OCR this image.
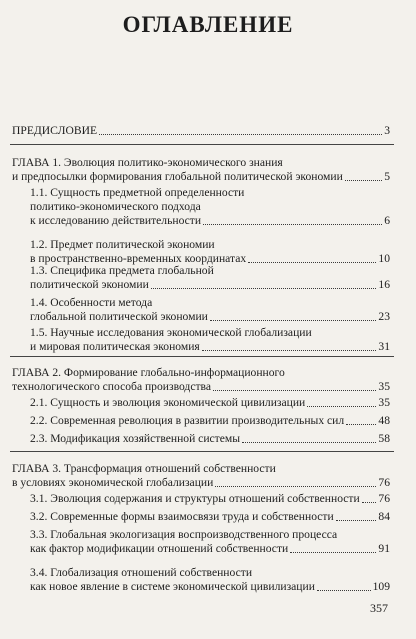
ОГЛАВЛЕНИЕ
ПРЕДИСЛОВИЕ	3
ГЛАВА 1. Эволюция политико-экономического знания
и предпосылки формирования глобальной политической экономии	5
1.1. Сущность предметной определенности
политико-экономического подхода
к исследованию действительности	6
1.2. Предмет политической экономии
в пространственно-временных координатах	10
1.3. Специфика предмета глобальной
политической экономии	16
1.4. Особенности метода
глобальной политической экономии	23
1.5. Научные исследования экономической глобализации
и мировая политическая экономия	31
ГЛАВА 2. Формирование глобально-информационного
технологического способа производства	35
2.1. Сущность и эволюция экономической цивилизации	35
2.2. Современная революция в развитии производительных сил	48
2.3. Модификация хозяйственной системы	58
ГЛАВА 3. Трансформация отношений собственности
в условиях экономической глобализации	76
3.1. Эволюция содержания и структуры отношений собственности 76
3.2. Современные формы взаимосвязи труда и собственности	84
3.3. Глобальная экологизация воспроизводственного процесса
как фактор модификации отношений собственности	91
3.4. Глобализация отношений собственности
как новое явление в системе экономической цивилизации	109
357
